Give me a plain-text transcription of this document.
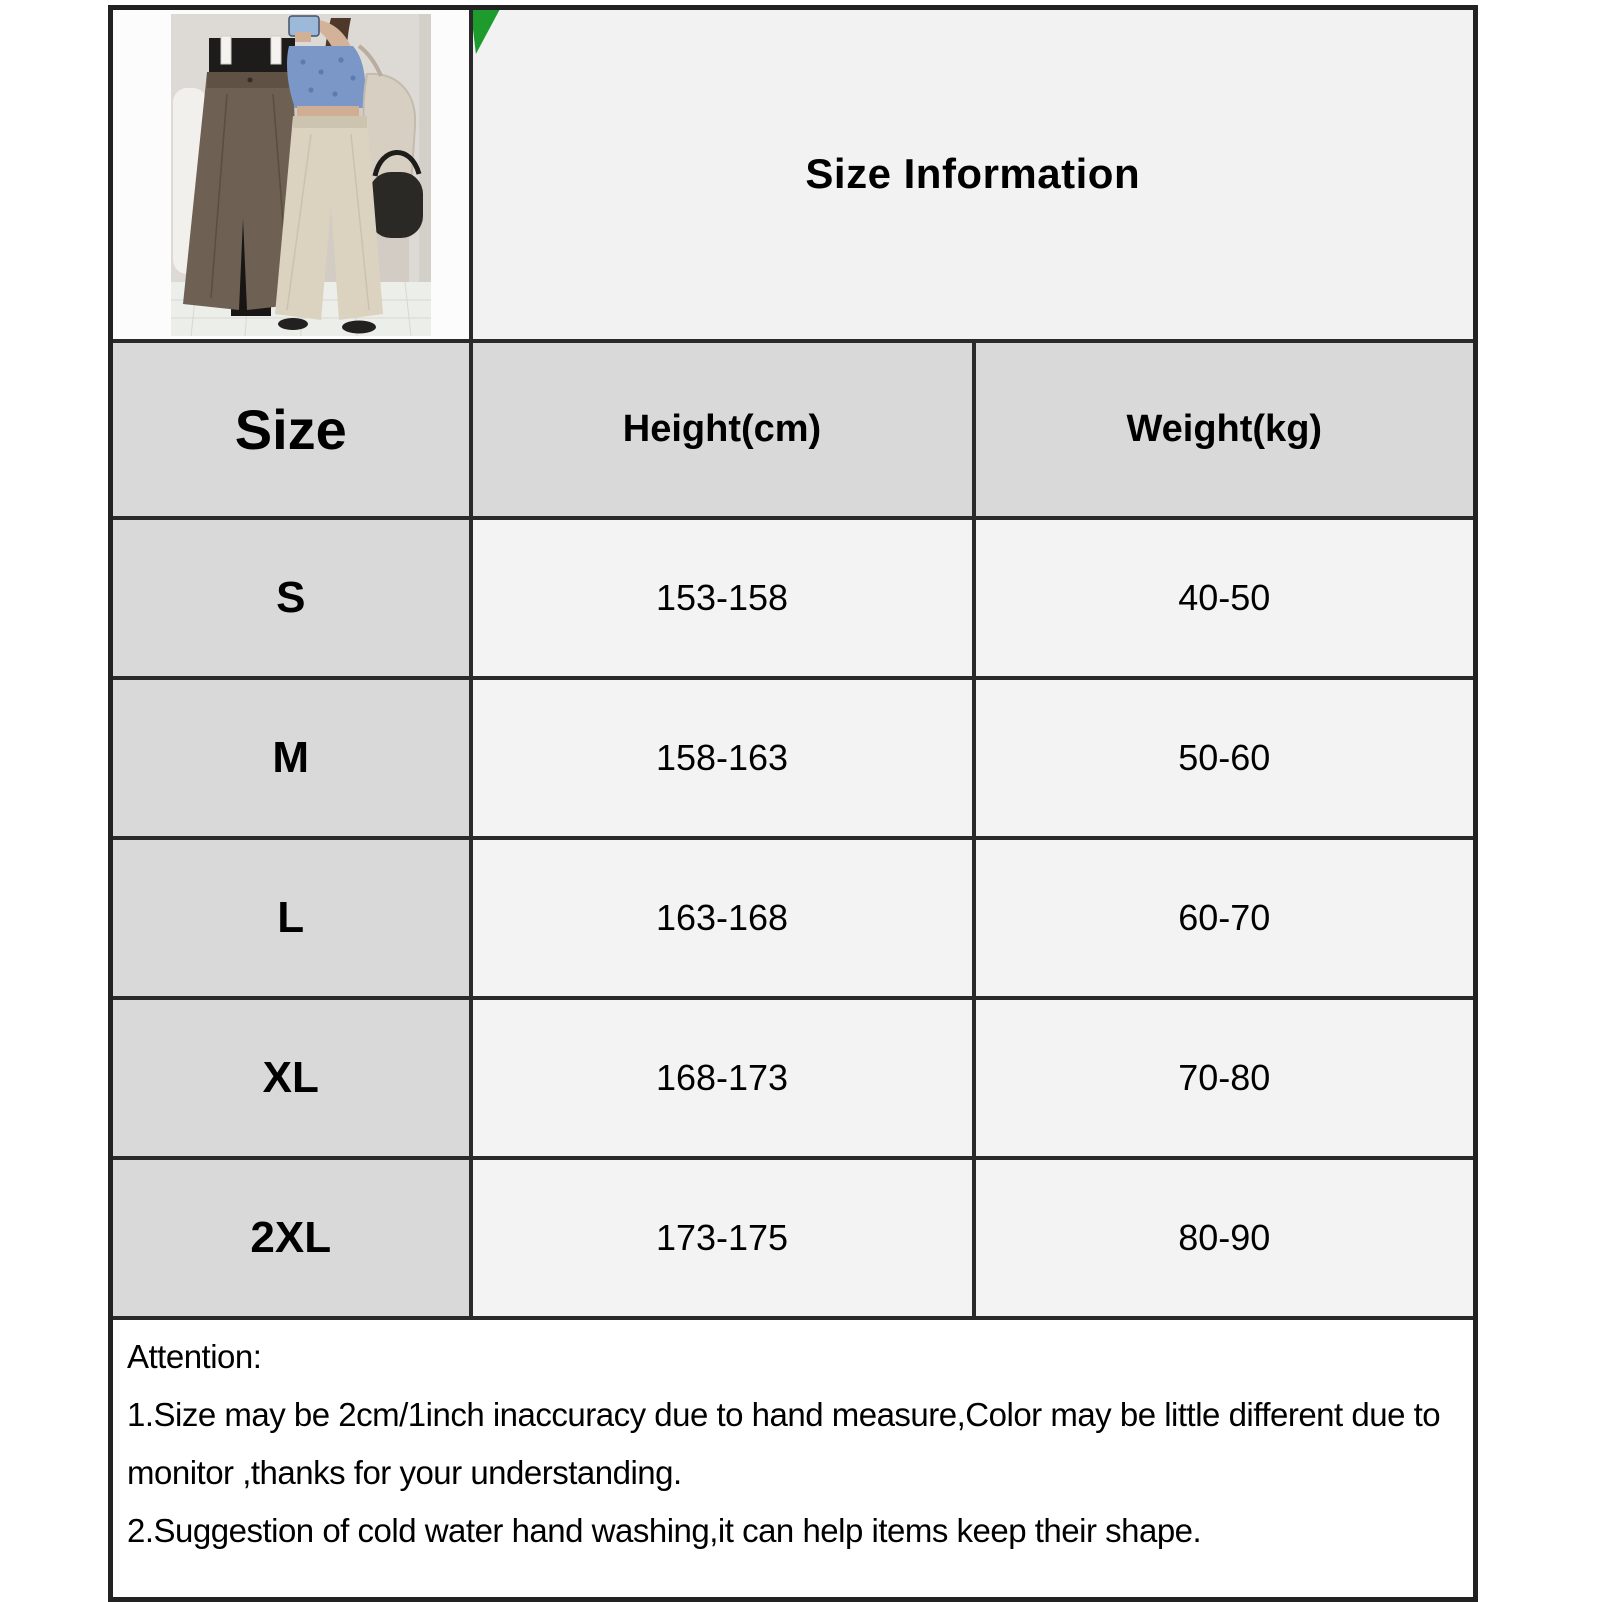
Size Information	
Size	Height(cm)	Weight(kg)
S	153-158	40-50
M	158-163	50-60
L	163-168	60-70
XL	168-173	70-80
2XL	173-175	80-90

Attention:
1.Size may be 2cm/1inch inaccuracy due to hand measure,Color may be little different due to monitor ,thanks for your understanding.
2.Suggestion of cold water hand washing,it can help items keep their shape.		
